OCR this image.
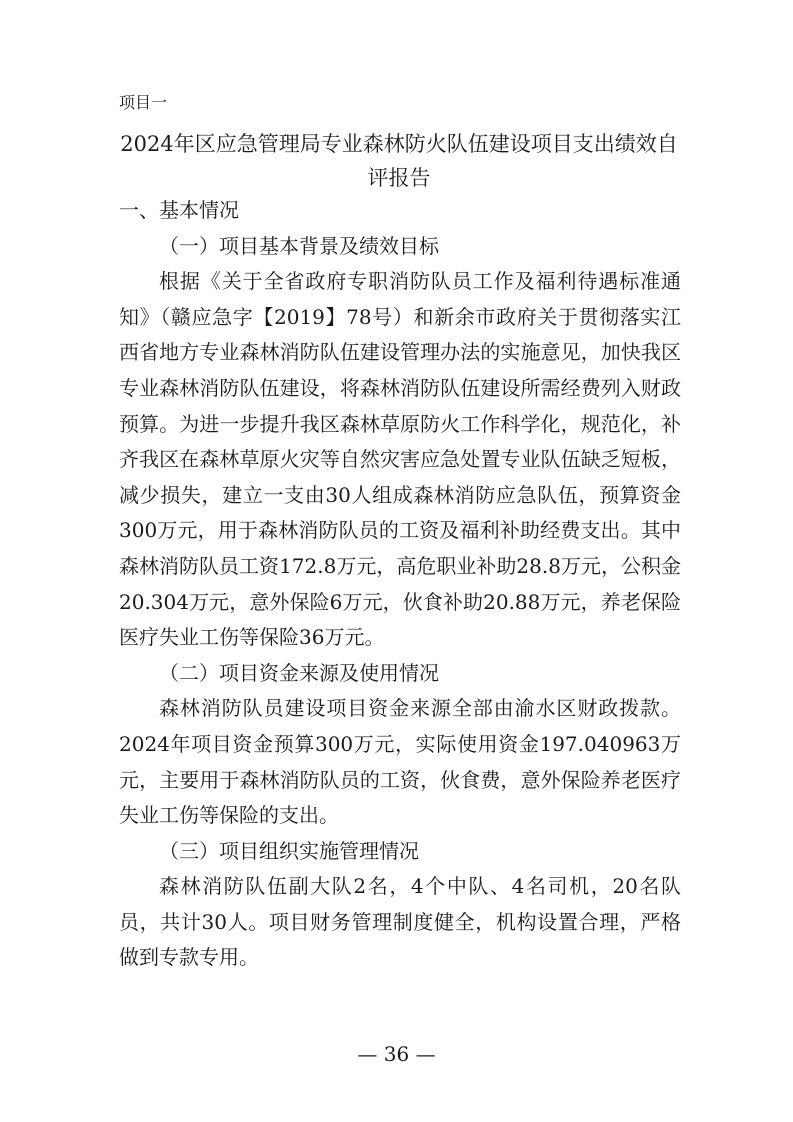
项目一
2024年区应急管理局专业森林防火队伍建设项目支出绩效自评报告

一、基本情况

（一）项目基本背景及绩效目标

根据《关于全省政府专职消防队员工作及福利待遇标准通知》（赣应急字【2019】78号）和新余市政府关于贯彻落实江西省地方专业森林消防队伍建设管理办法的实施意见，加快我区专业森林消防队伍建设，将森林消防队伍建设所需经费列入财政预算。为进一步提升我区森林草原防火工作科学化，规范化，补齐我区在森林草原火灾等自然灾害应急处置专业队伍缺乏短板，减少损失，建立一支由30人组成森林消防应急队伍，预算资金300万元，用于森林消防队员的工资及福利补助经费支出。其中森林消防队员工资172.8万元，高危职业补助28.8万元，公积金20.304万元，意外保险6万元，伙食补助20.88万元，养老保险医疗失业工伤等保险36万元。

（二）项目资金来源及使用情况

森林消防队员建设项目资金来源全部由渝水区财政拨款。2024年项目资金预算300万元，实际使用资金197.040963万元，主要用于森林消防队员的工资，伙食费，意外保险养老医疗失业工伤等保险的支出。

（三）项目组织实施管理情况

森林消防队伍副大队2名，4个中队、4名司机，20名队员，共计30人。项目财务管理制度健全，机构设置合理，严格做到专款专用。

— 36 —
